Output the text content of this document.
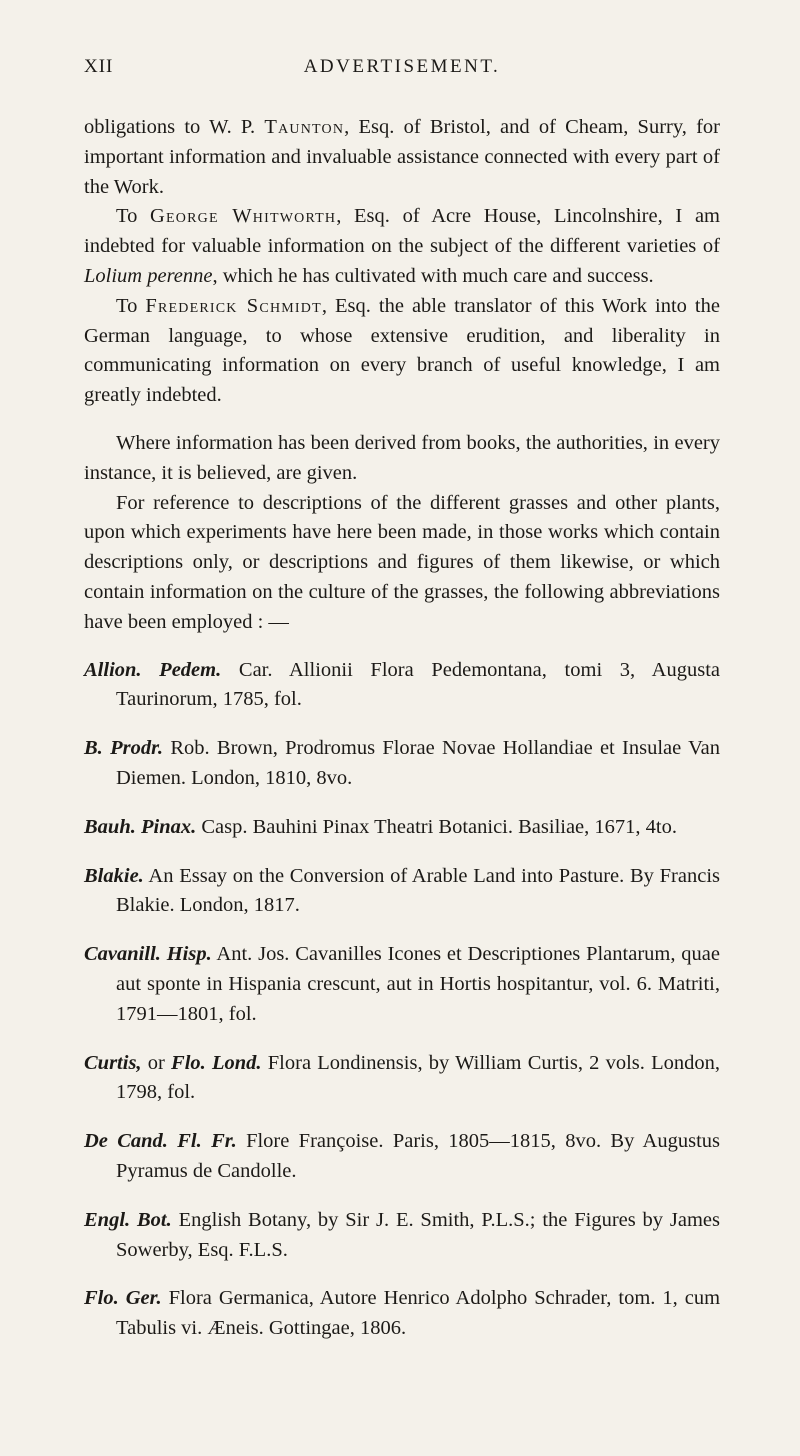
XII	ADVERTISEMENT.

obligations to W. P. Taunton, Esq. of Bristol, and of Cheam, Surry, for important information and invaluable assistance connected with every part of the Work.

To George Whitworth, Esq. of Acre House, Lincolnshire, I am indebted for valuable information on the subject of the different varieties of Lolium perenne, which he has cultivated with much care and success.

To Frederick Schmidt, Esq. the able translator of this Work into the German language, to whose extensive erudition, and liberality in communicating information on every branch of useful knowledge, I am greatly indebted.

Where information has been derived from books, the authorities, in every instance, it is believed, are given.

For reference to descriptions of the different grasses and other plants, upon which experiments have here been made, in those works which contain descriptions only, or descriptions and figures of them likewise, or which contain information on the culture of the grasses, the following abbreviations have been employed : —

Allion. Pedem. Car. Allionii Flora Pedemontana, tomi 3, Augusta Taurinorum, 1785, fol.

B. Prodr. Rob. Brown, Prodromus Florae Novae Hollandiae et Insulae Van Diemen. London, 1810, 8vo.

Bauh. Pinax. Casp. Bauhini Pinax Theatri Botanici. Basiliae, 1671, 4to.

Blakie. An Essay on the Conversion of Arable Land into Pasture. By Francis Blakie. London, 1817.

Cavanill. Hisp. Ant. Jos. Cavanilles Icones et Descriptiones Plantarum, quae aut sponte in Hispania crescunt, aut in Hortis hospitantur, vol. 6. Matriti, 1791—1801, fol.

Curtis, or Flo. Lond. Flora Londinensis, by William Curtis, 2 vols. London, 1798, fol.

De Cand. Fl. Fr. Flore Françoise. Paris, 1805—1815, 8vo. By Augustus Pyramus de Candolle.

Engl. Bot. English Botany, by Sir J. E. Smith, P.L.S.; the Figures by James Sowerby, Esq. F.L.S.

Flo. Ger. Flora Germanica, Autore Henrico Adolpho Schrader, tom. 1, cum Tabulis vi. Æneis. Gottingae, 1806.
